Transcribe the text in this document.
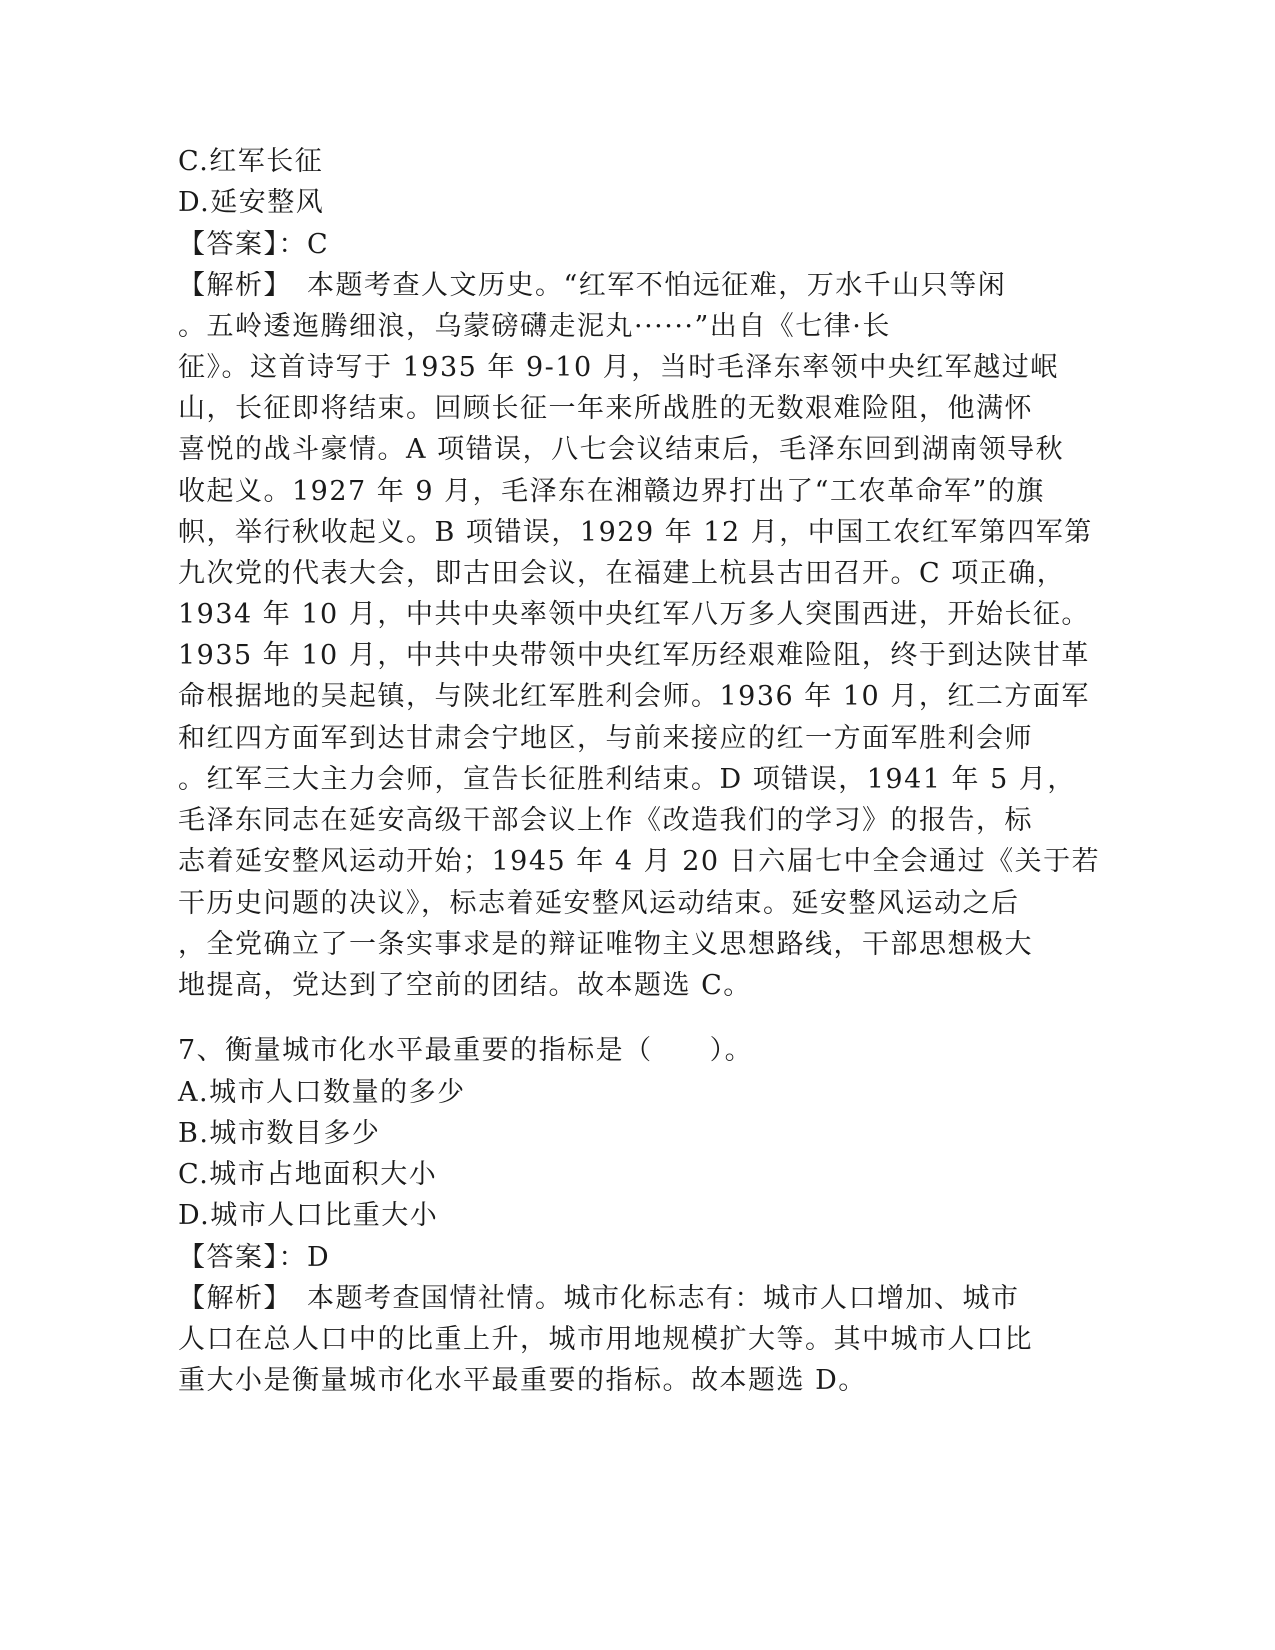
C.红军长征
D.延安整风
【答案】：C
【解析】　本题考查人文历史。“红军不怕远征难，万水千山只等闲
。五岭逶迤腾细浪，乌蒙磅礴走泥丸······”出自《七律·长
征》。这首诗写于 1935 年 9-10 月，当时毛泽东率领中央红军越过岷
山，长征即将结束。回顾长征一年来所战胜的无数艰难险阻，他满怀
喜悦的战斗豪情。A 项错误，八七会议结束后，毛泽东回到湖南领导秋
收起义。1927 年 9 月，毛泽东在湘赣边界打出了“工农革命军”的旗
帜，举行秋收起义。B 项错误，1929 年 12 月，中国工农红军第四军第
九次党的代表大会，即古田会议，在福建上杭县古田召开。C 项正确，
1934 年 10 月，中共中央率领中央红军八万多人突围西进，开始长征。
1935 年 10 月，中共中央带领中央红军历经艰难险阻，终于到达陕甘革
命根据地的吴起镇，与陕北红军胜利会师。1936 年 10 月，红二方面军
和红四方面军到达甘肃会宁地区，与前来接应的红一方面军胜利会师
。红军三大主力会师，宣告长征胜利结束。D 项错误，1941 年 5 月，
毛泽东同志在延安高级干部会议上作《改造我们的学习》的报告，标
志着延安整风运动开始；1945 年 4 月 20 日六届七中全会通过《关于若
干历史问题的决议》，标志着延安整风运动结束。延安整风运动之后
，全党确立了一条实事求是的辩证唯物主义思想路线，干部思想极大
地提高，党达到了空前的团结。故本题选 C。
7、衡量城市化水平最重要的指标是（　　）。
A.城市人口数量的多少
B.城市数目多少
C.城市占地面积大小
D.城市人口比重大小
【答案】：D
【解析】　本题考查国情社情。城市化标志有：城市人口增加、城市
人口在总人口中的比重上升，城市用地规模扩大等。其中城市人口比
重大小是衡量城市化水平最重要的指标。故本题选 D。
